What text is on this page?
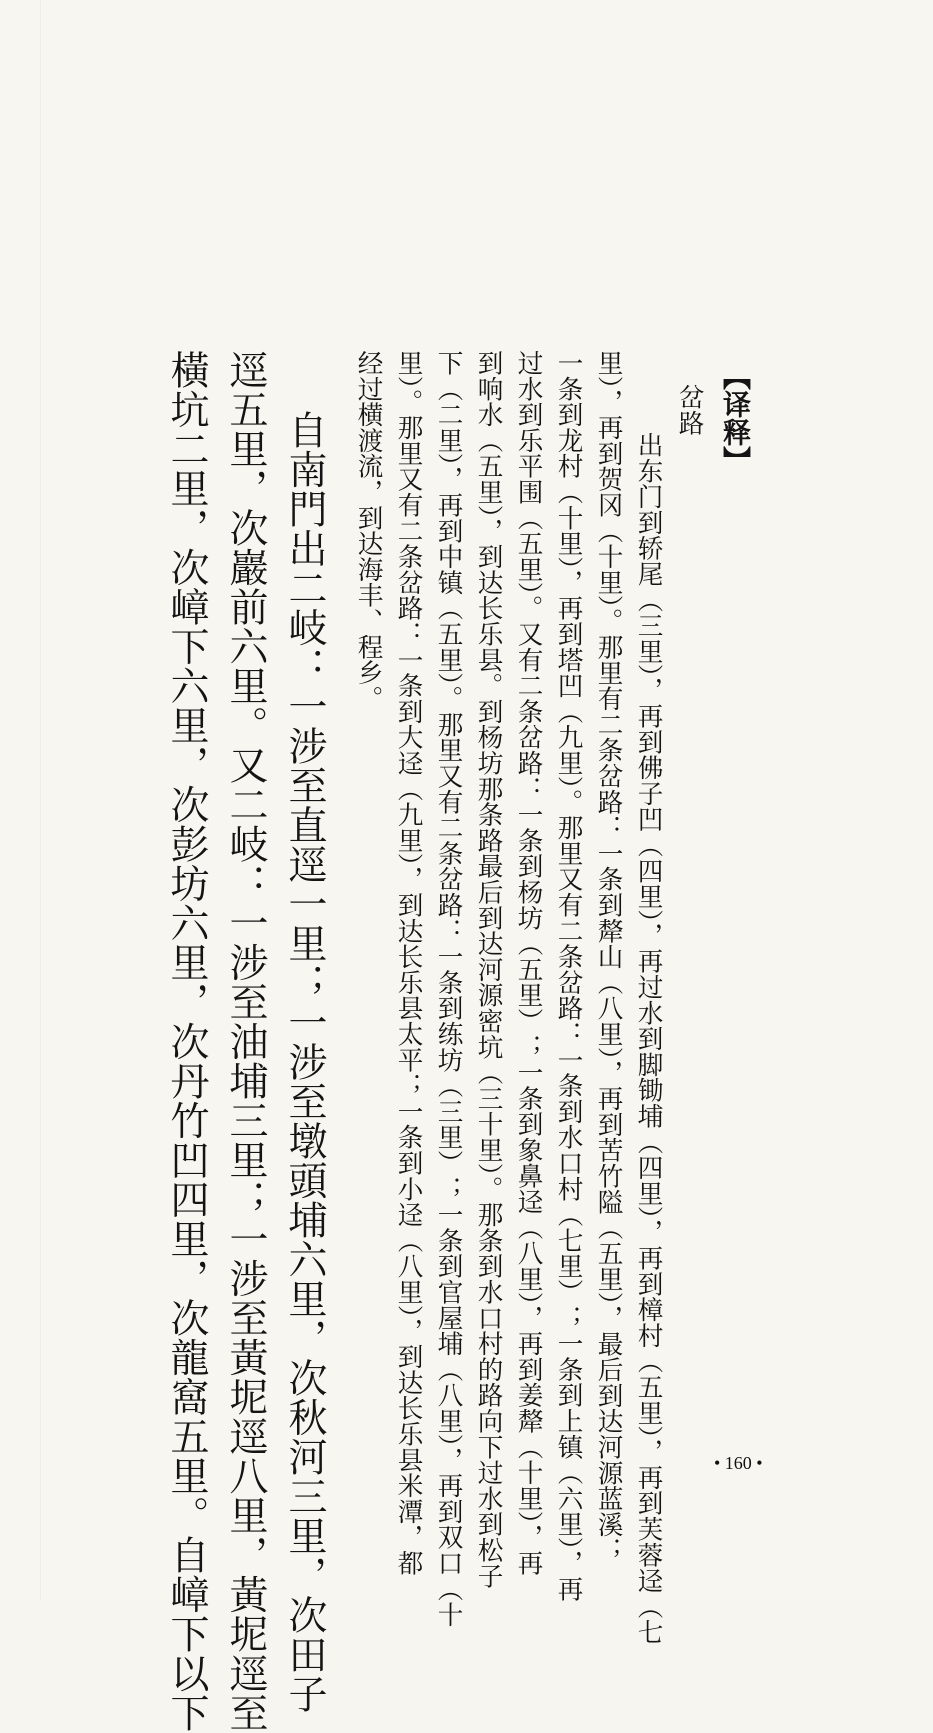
【译释】
岔路
出东门到轿尾（三里），再到佛子凹（四里），再过水到脚锄埔（四里），再到樟村（五里），再到芙蓉迳（七
里），再到贺冈（十里）。那里有二条岔路：一条到犛山（八里），再到苦竹隘（五里），最后到达河源蓝溪；
一条到龙村（十里），再到塔凹（九里）。那里又有二条岔路：一条到水口村（七里）；一条到上镇（六里），再
过水到乐平围（五里）。又有二条岔路：一条到杨坊（五里）；一条到象鼻迳（八里），再到姜犛（十里），再
到响水（五里），到达长乐县。到杨坊那条路最后到达河源密坑（三十里）。那条到水口村的路向下过水到松子
下（二里），再到中镇（五里）。那里又有二条岔路：一条到练坊（三里）；一条到官屋埔（八里），再到双口（十
里）。那里又有二条岔路：一条到大迳（九里），到达长乐县太平；一条到小迳（八里），到达长乐县米潭，都
经过横渡流，到达海丰、程乡。
自南門出二岐：一涉至直逕一里；一涉至墩頭埔六里，次秋河三里，次田子
逕五里，次巖前六里。又二岐：一涉至油埔三里；一涉至黃坭逕八里，黃坭逕至
橫坑二里，次嶂下六里，次彭坊六里，次丹竹凹四里，次龍窩五里。自嶂下以下	• 160 •
